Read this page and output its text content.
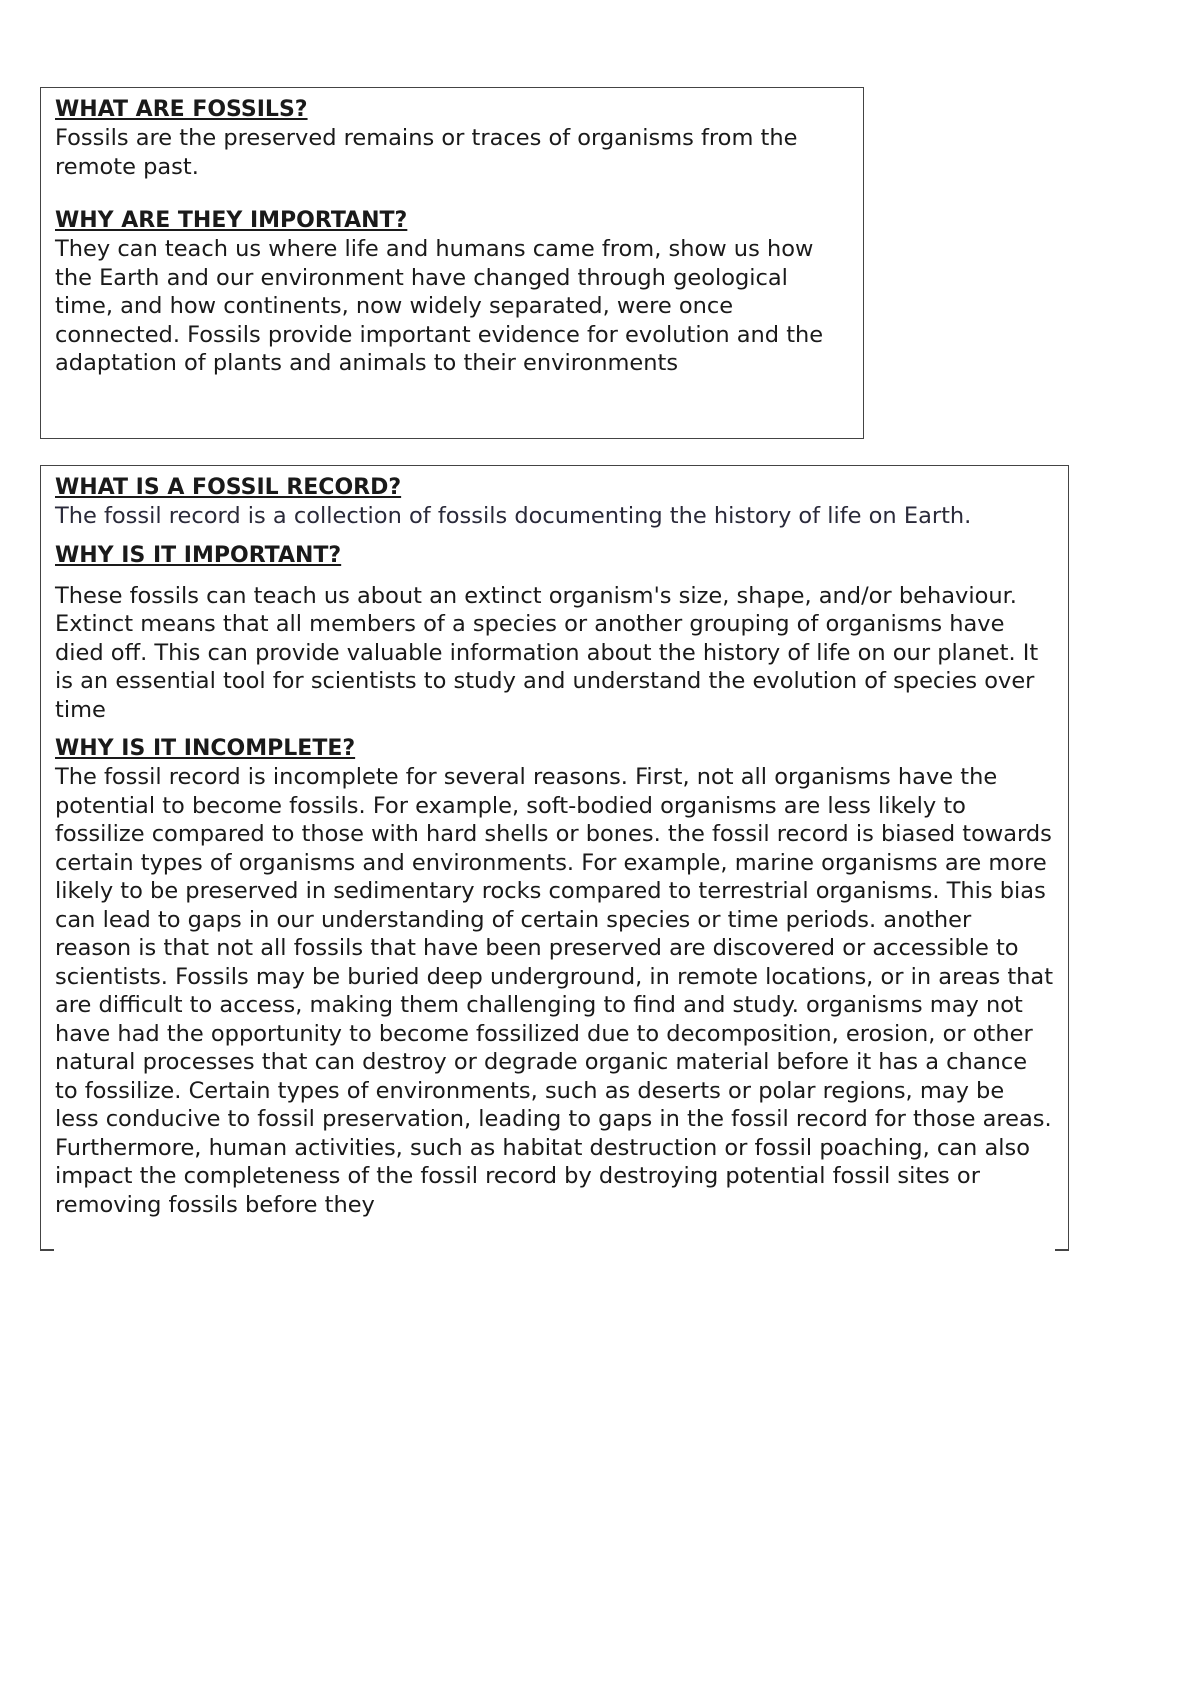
WHAT ARE FOSSILS?

Fossils are the preserved remains or traces of organisms from the remote past.

WHY ARE THEY IMPORTANT?

They can teach us where life and humans came from, show us how the Earth and our environment have changed through geological time, and how continents, now widely separated, were once connected. Fossils provide important evidence for evolution and the adaptation of plants and animals to their environments

WHAT IS A FOSSIL RECORD?

The fossil record is a collection of fossils documenting the history of life on Earth.

WHY IS IT IMPORTANT?

These fossils can teach us about an extinct organism's size, shape, and/or behaviour. Extinct means that all members of a species or another grouping of organisms have died off. This can provide valuable information about the history of life on our planet. It is an essential tool for scientists to study and understand the evolution of species over time

WHY IS IT INCOMPLETE?

The fossil record is incomplete for several reasons. First, not all organisms have the potential to become fossils. For example, soft-bodied organisms are less likely to fossilize compared to those with hard shells or bones. the fossil record is biased towards certain types of organisms and environments. For example, marine organisms are more likely to be preserved in sedimentary rocks compared to terrestrial organisms. This bias can lead to gaps in our understanding of certain species or time periods. another reason is that not all fossils that have been preserved are discovered or accessible to scientists. Fossils may be buried deep underground, in remote locations, or in areas that are difficult to access, making them challenging to find and study. organisms may not have had the opportunity to become fossilized due to decomposition, erosion, or other natural processes that can destroy or degrade organic material before it has a chance to fossilize. Certain types of environments, such as deserts or polar regions, may be less conducive to fossil preservation, leading to gaps in the fossil record for those areas. Furthermore, human activities, such as habitat destruction or fossil poaching, can also impact the completeness of the fossil record by destroying potential fossil sites or removing fossils before they
